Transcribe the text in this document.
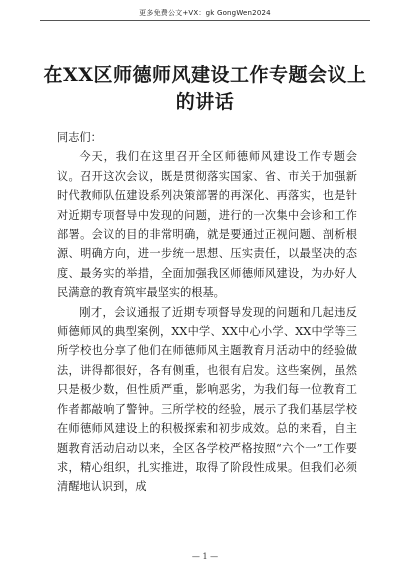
更多免费公文+VX：gk GongWen2024
在XX区师德师风建设工作专题会议上的讲话

同志们：

今天，我们在这里召开全区师德师风建设工作专题会议。召开这次会议，既是贯彻落实国家、省、市关于加强新时代教师队伍建设系列决策部署的再深化、再落实，也是针对近期专项督导中发现的问题，进行的一次集中会诊和工作部署。会议的目的非常明确，就是要通过正视问题、剖析根源、明确方向，进一步统一思想、压实责任，以最坚决的态度、最务实的举措，全面加强我区师德师风建设，为办好人民满意的教育筑牢最坚实的根基。

刚才，会议通报了近期专项督导发现的问题和几起违反师德师风的典型案例，XX中学、XX中心小学、XX中学等三所学校也分享了他们在师德师风主题教育月活动中的经验做法，讲得都很好，各有侧重，也很有启发。这些案例，虽然只是极少数，但性质严重，影响恶劣，为我们每一位教育工作者都敲响了警钟。三所学校的经验，展示了我们基层学校在师德师风建设上的积极探索和初步成效。总的来看，自主题教育活动启动以来，全区各学校严格按照“六个一”工作要求，精心组织，扎实推进，取得了阶段性成果。但我们必须清醒地认识到，成

— 1 —
